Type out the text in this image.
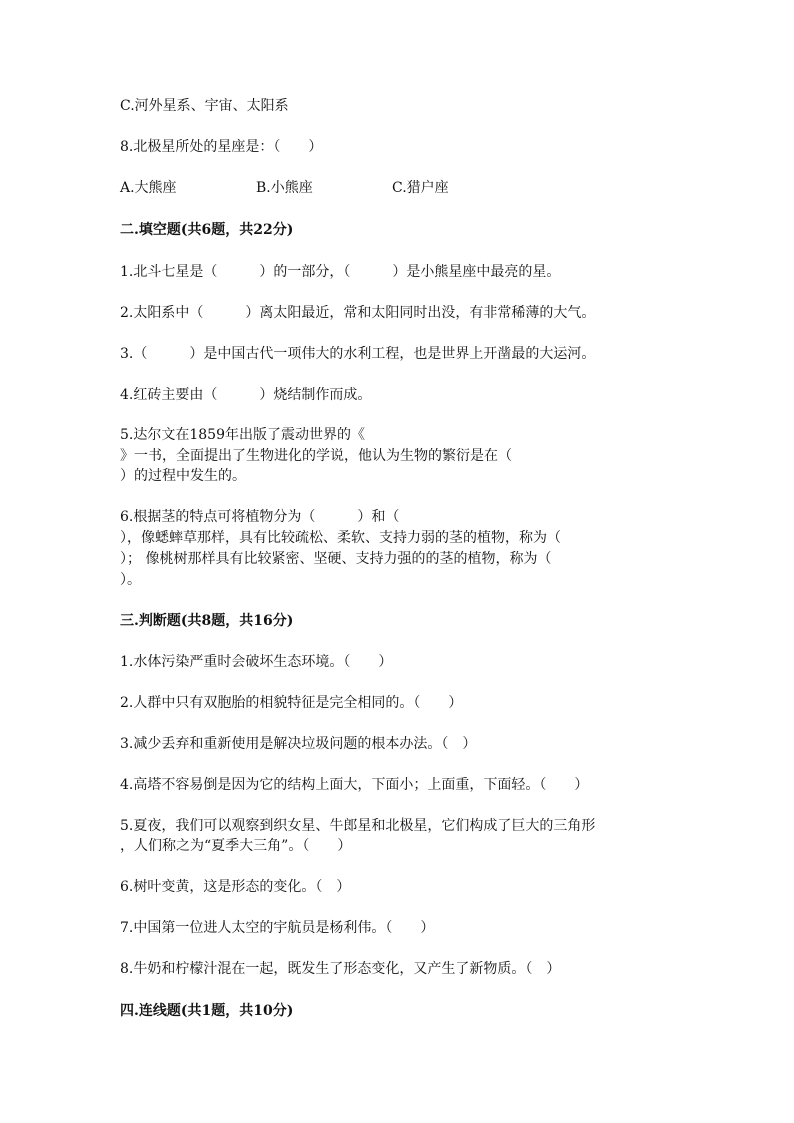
C.河外星系、宇宙、太阳系
8.北极星所处的星座是：（　　）
A.大熊座	B.小熊座	C.猎户座
二.填空题(共6题，共22分)
1.北斗七星是（　　　）的一部分，（　　　）是小熊星座中最亮的星。
2.太阳系中（　　　）离太阳最近，常和太阳同时出没，有非常稀薄的大气。
3.（　　　）是中国古代一项伟大的水利工程，也是世界上开凿最的大运河。
4.红砖主要由（　　　）烧结制作而成。
5.达尔文在1859年出版了震动世界的《
》一书，全面提出了生物进化的学说，他认为生物的繁衍是在（
）的过程中发生的。
6.根据茎的特点可将植物分为（　　　）和（
），像蟋蟀草那样，具有比较疏松、柔软、支持力弱的茎的植物，称为（
）； 像桃树那样具有比较紧密、坚硬、支持力强的的茎的植物，称为（
）。
三.判断题(共8题，共16分)
1.水体污染严重时会破坏生态环境。（　　）
2.人群中只有双胞胎的相貌特征是完全相同的。（　　）
3.减少丢弃和重新使用是解决垃圾问题的根本办法。（　）
4.高塔不容易倒是因为它的结构上面大，下面小；上面重，下面轻。（　　）
5.夏夜，我们可以观察到织女星、牛郎星和北极星，它们构成了巨大的三角形
，人们称之为“夏季大三角”。（　　）
6.树叶变黄，这是形态的变化。（　）
7.中国第一位进人太空的宇航员是杨利伟。（　　）
8.牛奶和柠檬汁混在一起，既发生了形态变化，又产生了新物质。（　）
四.连线题(共1题，共10分)
